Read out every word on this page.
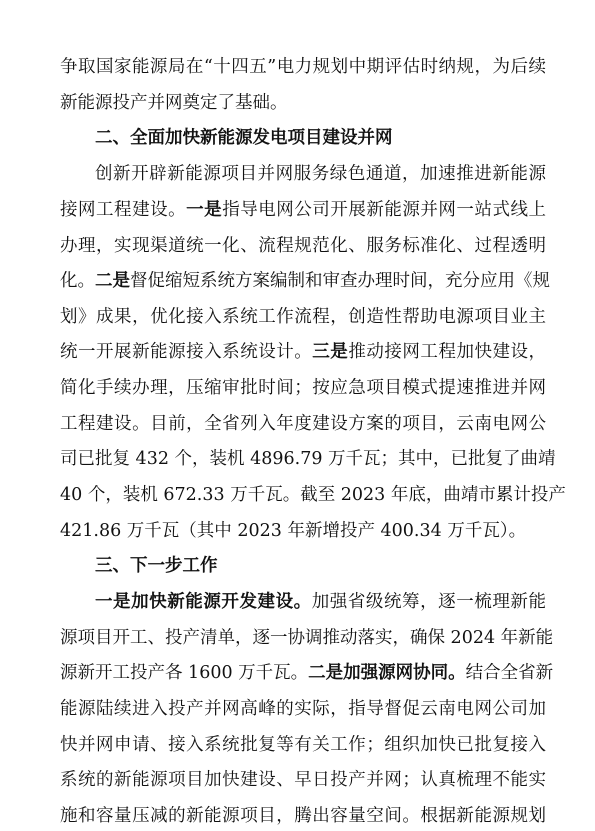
争取国家能源局在“十四五”电力规划中期评估时纳规，为后续
新能源投产并网奠定了基础。
二、全面加快新能源发电项目建设并网
创新开辟新能源项目并网服务绿色通道，加速推进新能源
接网工程建设。一是指导电网公司开展新能源并网一站式线上
办理，实现渠道统一化、流程规范化、服务标准化、过程透明
化。二是督促缩短系统方案编制和审查办理时间，充分应用《规
划》成果，优化接入系统工作流程，创造性帮助电源项目业主
统一开展新能源接入系统设计。三是推动接网工程加快建设，
简化手续办理，压缩审批时间；按应急项目模式提速推进并网
工程建设。目前，全省列入年度建设方案的项目，云南电网公
司已批复 432 个，装机 4896.79 万千瓦；其中，已批复了曲靖
40 个，装机 672.33 万千瓦。截至 2023 年底，曲靖市累计投产
421.86 万千瓦（其中 2023 年新增投产 400.34 万千瓦）。
三、下一步工作
一是加快新能源开发建设。加强省级统筹，逐一梳理新能
源项目开工、投产清单，逐一协调推动落实，确保 2024 年新能
源新开工投产各 1600 万千瓦。二是加强源网协同。结合全省新
能源陆续进入投产并网高峰的实际，指导督促云南电网公司加
快并网申请、接入系统批复等有关工作；组织加快已批复接入
系统的新能源项目加快建设、早日投产并网；认真梳理不能实
施和容量压减的新能源项目，腾出容量空间。根据新能源规划
